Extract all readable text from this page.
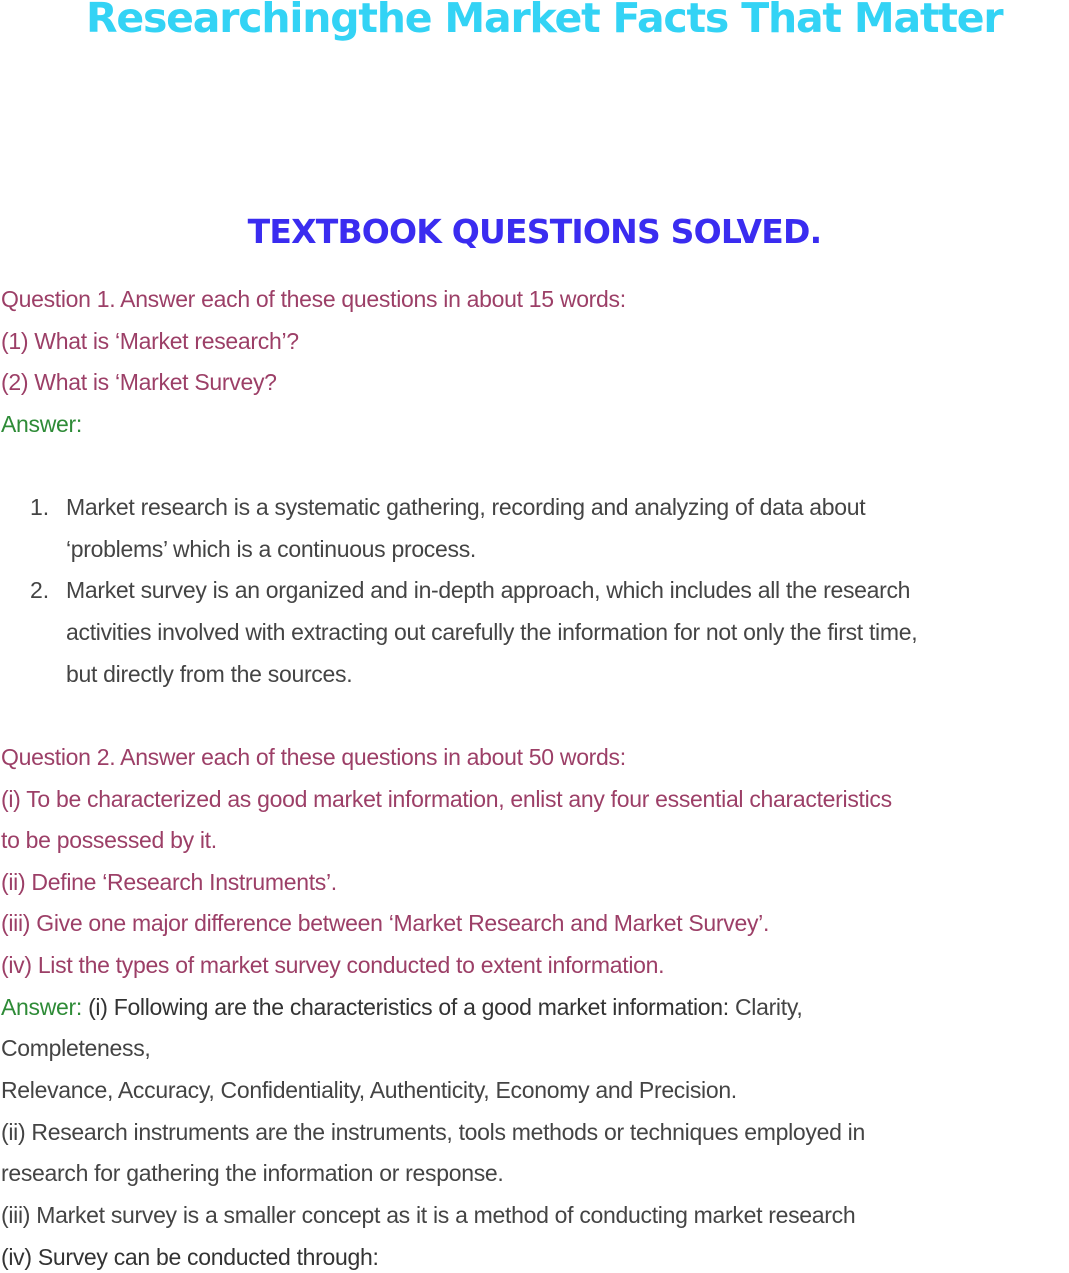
Researchingthe Market Facts That Matter
TEXTBOOK QUESTIONS SOLVED.
Question 1. Answer each of these questions in about 15 words:
(1) What is ‘Market research’?
(2) What is ‘Market Survey?
Answer:
1. Market research is a systematic gathering, recording and analyzing of data about
‘problems’ which is a continuous process.
2. Market survey is an organized and in-depth approach, which includes all the research
activities involved with extracting out carefully the information for not only the first time,
but directly from the sources.
Question 2. Answer each of these questions in about 50 words:
(i) To be characterized as good market information, enlist any four essential characteristics
to be possessed by it.
(ii) Define ‘Research Instruments’.
(iii) Give one major difference between ‘Market Research and Market Survey’.
(iv) List the types of market survey conducted to extent information.
Answer: (i) Following are the characteristics of a good market information: Clarity,
Completeness,
Relevance, Accuracy, Confidentiality, Authenticity, Economy and Precision.
(ii) Research instruments are the instruments, tools methods or techniques employed in
research for gathering the information or response.
(iii) Market survey is a smaller concept as it is a method of conducting market research
(iv) Survey can be conducted through:
